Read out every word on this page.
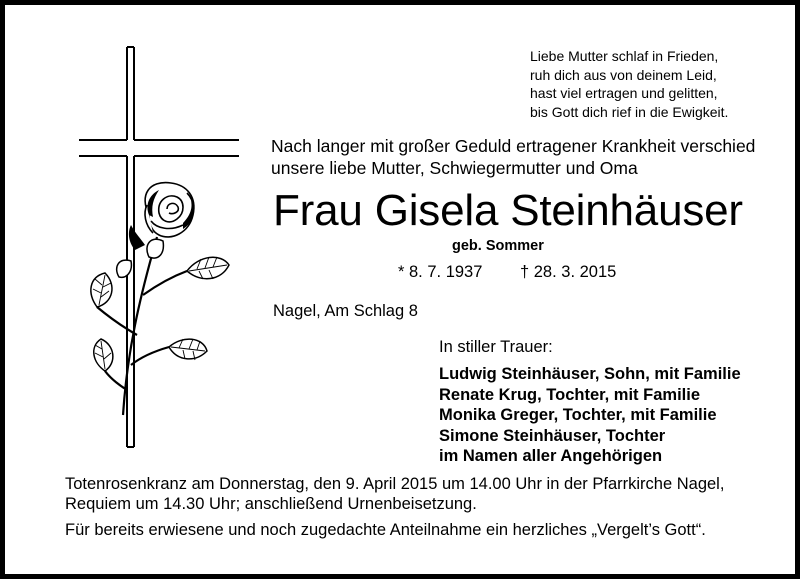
Liebe Mutter schlaf in Frieden,
ruh dich aus von deinem Leid,
hast viel ertragen und gelitten,
bis Gott dich rief in die Ewigkeit.
Nach langer mit großer Geduld ertragener Krankheit verschied
unsere liebe Mutter, Schwiegermutter und Oma
Frau Gisela Steinhäuser
geb. Sommer
* 8. 7. 1937 † 28. 3. 2015
Nagel, Am Schlag 8
In stiller Trauer:
Ludwig Steinhäuser, Sohn, mit Familie
Renate Krug, Tochter, mit Familie
Monika Greger, Tochter, mit Familie
Simone Steinhäuser, Tochter
im Namen aller Angehörigen
Totenrosenkranz am Donnerstag, den 9. April 2015 um 14.00 Uhr in der Pfarrkirche Nagel,
Requiem um 14.30 Uhr; anschließend Urnenbeisetzung.
Für bereits erwiesene und noch zugedachte Anteilnahme ein herzliches „Vergelt’s Gott“.
